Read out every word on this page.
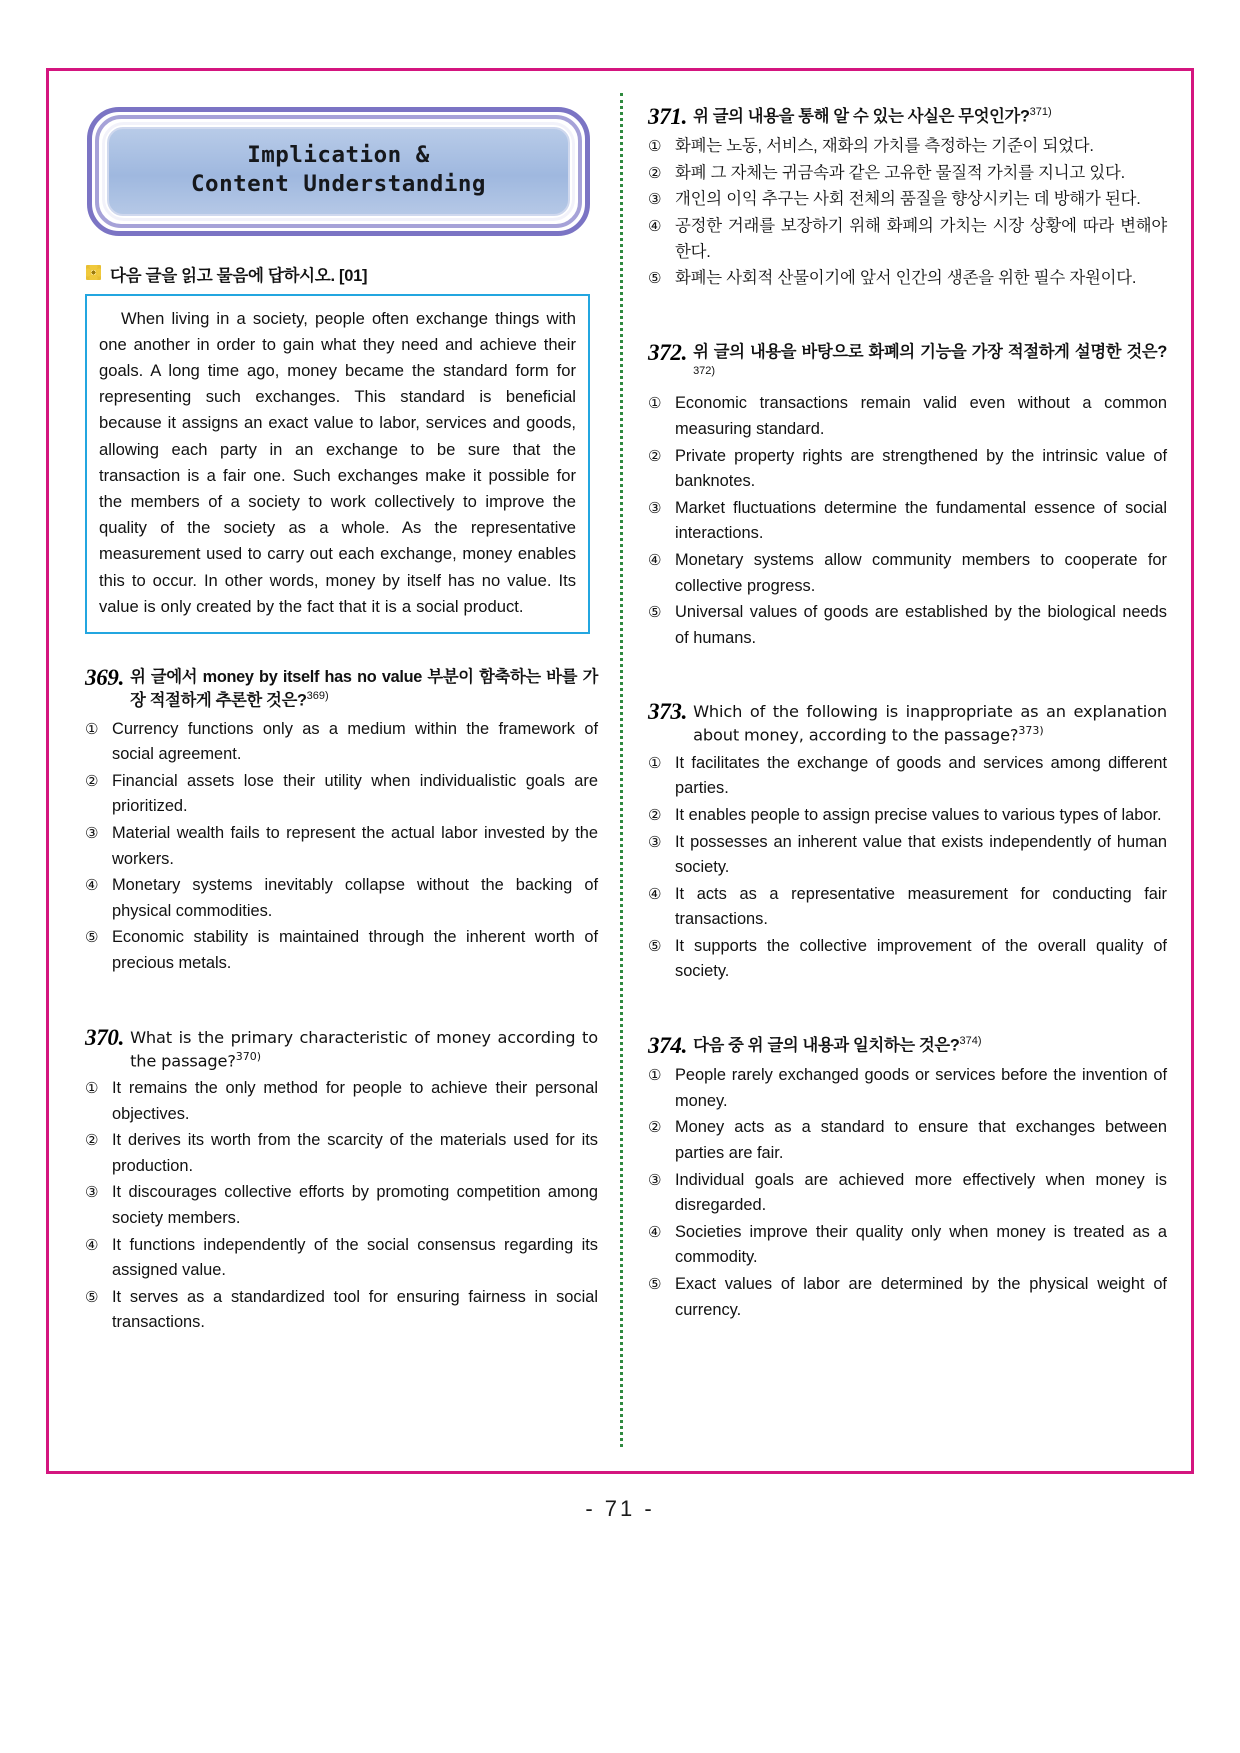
Implication &
Content Understanding
다음 글을 읽고 물음에 답하시오. [01]

When living in a society, people often exchange things with one another in order to gain what they need and achieve their goals. A long time ago, money became the standard form for representing such exchanges. This standard is beneficial because it assigns an exact value to labor, services and goods, allowing each party in an exchange to be sure that the transaction is a fair one. Such exchanges make it possible for the members of a society to work collectively to improve the quality of the society as a whole. As the representative measurement used to carry out each exchange, money enables this to occur. In other words, money by itself has no value. Its value is only created by the fact that it is a social product.

369. 위 글에서 money by itself has no value 부분이 함축하는 바를 가장 적절하게 추론한 것은?$^{369)}$
① Currency functions only as a medium within the framework of social agreement.
② Financial assets lose their utility when individualistic goals are prioritized.
③ Material wealth fails to represent the actual labor invested by the workers.
④ Monetary systems inevitably collapse without the backing of physical commodities.
⑤ Economic stability is maintained through the inherent worth of precious metals.
370. What is the primary characteristic of money according to the passage?$^{370)}$
① It remains the only method for people to achieve their personal objectives.
② It derives its worth from the scarcity of the materials used for its production.
③ It discourages collective efforts by promoting competition among society members.
④ It functions independently of the social consensus regarding its assigned value.
⑤ It serves as a standardized tool for ensuring fairness in social transactions.
371. 위 글의 내용을 통해 알 수 있는 사실은 무엇인가?$^{371)}$
① 화폐는 노동, 서비스, 재화의 가치를 측정하는 기준이 되었다.
② 화폐 그 자체는 귀금속과 같은 고유한 물질적 가치를 지니고 있다.
③ 개인의 이익 추구는 사회 전체의 품질을 향상시키는 데 방해가 된다.
④ 공정한 거래를 보장하기 위해 화폐의 가치는 시장 상황에 따라 변해야 한다.
⑤ 화폐는 사회적 산물이기에 앞서 인간의 생존을 위한 필수 자원이다.
372. 위 글의 내용을 바탕으로 화폐의 기능을 가장 적절하게 설명한 것은?$^{372)}$
① Economic transactions remain valid even without a common measuring standard.
② Private property rights are strengthened by the intrinsic value of banknotes.
③ Market fluctuations determine the fundamental essence of social interactions.
④ Monetary systems allow community members to cooperate for collective progress.
⑤ Universal values of goods are established by the biological needs of humans.
373. Which of the following is inappropriate as an explanation about money, according to the passage?$^{373)}$
① It facilitates the exchange of goods and services among different parties.
② It enables people to assign precise values to various types of labor.
③ It possesses an inherent value that exists independently of human society.
④ It acts as a representative measurement for conducting fair transactions.
⑤ It supports the collective improvement of the overall quality of society.
374. 다음 중 위 글의 내용과 일치하는 것은?$^{374)}$
① People rarely exchanged goods or services before the invention of money.
② Money acts as a standard to ensure that exchanges between parties are fair.
③ Individual goals are achieved more effectively when money is disregarded.
④ Societies improve their quality only when money is treated as a commodity.
⑤ Exact values of labor are determined by the physical weight of currency.
- 71 -
